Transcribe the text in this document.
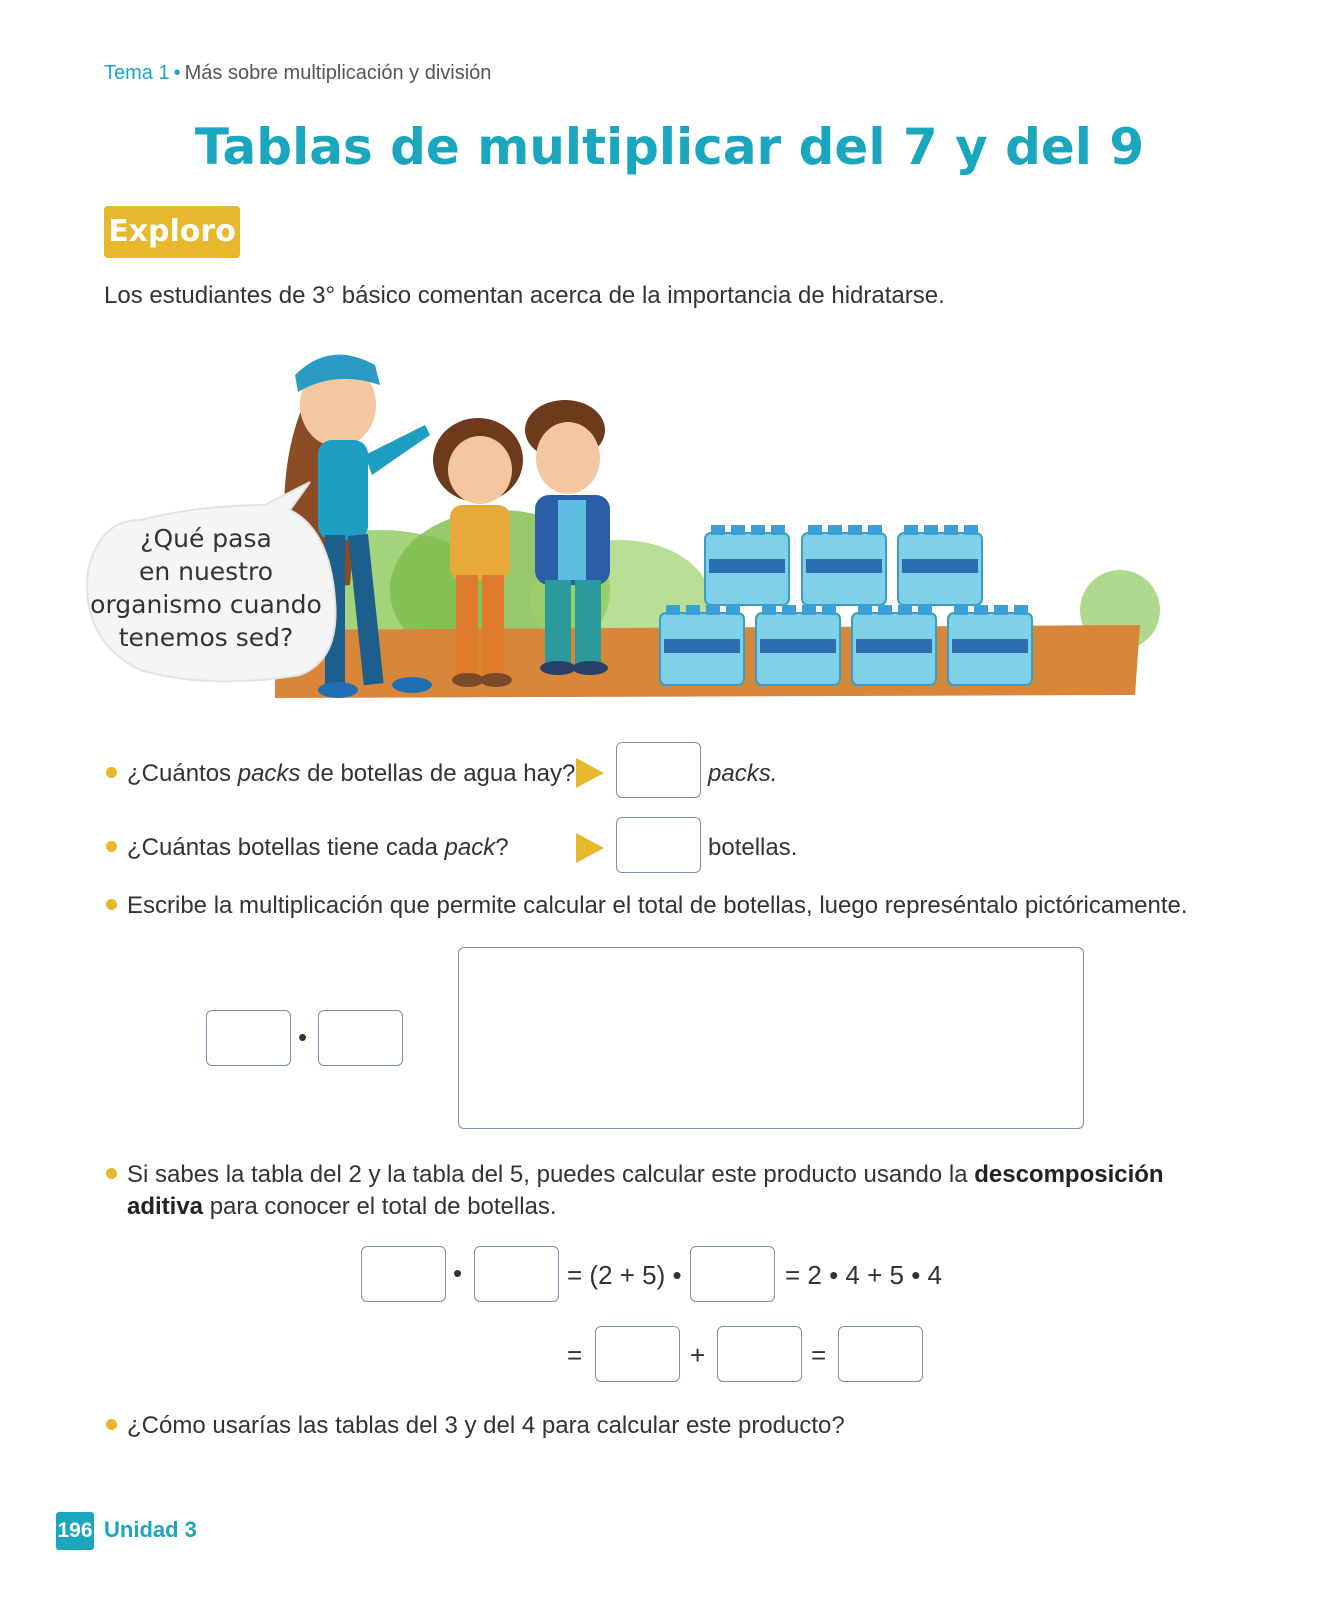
Tema 1 • Más sobre multiplicación y división
Tablas de multiplicar del 7 y del 9
Exploro
Los estudiantes de 3° básico comentan acerca de la importancia de hidratarse.
¿Qué pasa
en nuestro
organismo cuando
tenemos sed?
¿Cuántos packs de botellas de agua hay?	packs.
¿Cuántas botellas tiene cada pack?	botellas.
Escribe la multiplicación que permite calcular el total de botellas, luego represéntalo pictóricamente.
•
Si sabes la tabla del 2 y la tabla del 5, puedes calcular este producto usando la descomposición
aditiva para conocer el total de botellas.
•	= (2 + 5) •	= 2 • 4 + 5 • 4
=	+	=
¿Cómo usarías las tablas del 3 y del 4 para calcular este producto?
196 Unidad 3
